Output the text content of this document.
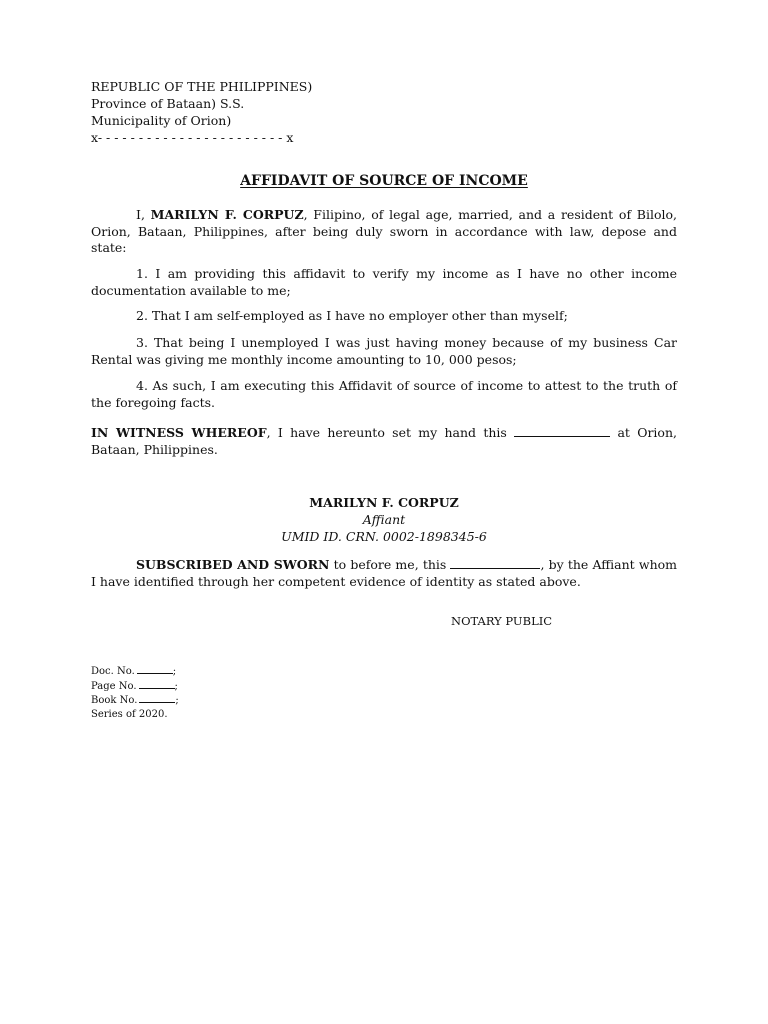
REPUBLIC OF THE PHILIPPINES)
Province of Bataan) S.S.
Municipality of Orion)
x- - - - - - - - - - - - - - - - - - - - - - - x
AFFIDAVIT OF SOURCE OF INCOME

I, MARILYN F. CORPUZ, Filipino, of legal age, married, and a resident of Bilolo, Orion, Bataan, Philippines, after being duly sworn in accordance with law, depose and state:

1. I am providing this affidavit to verify my income as I have no other income documentation available to me;

2. That I am self-employed as I have no employer other than myself;

3. That being I unemployed I was just having money because of my business Car Rental was giving me monthly income amounting to 10, 000 pesos;

4. As such, I am executing this Affidavit of source of income to attest to the truth of the foregoing facts.

IN WITNESS WHEREOF, I have hereunto set my hand this	at Orion, Bataan, Philippines.

MARILYN F. CORPUZ
Affiant
UMID ID. CRN. 0002-1898345-6

SUBSCRIBED AND SWORN to before me, this	, by the Affiant whom I have identified through her competent evidence of identity as stated above.

NOTARY PUBLIC
Doc. No.	;
Page No.	;
Book No.	;
Series of 2020.
